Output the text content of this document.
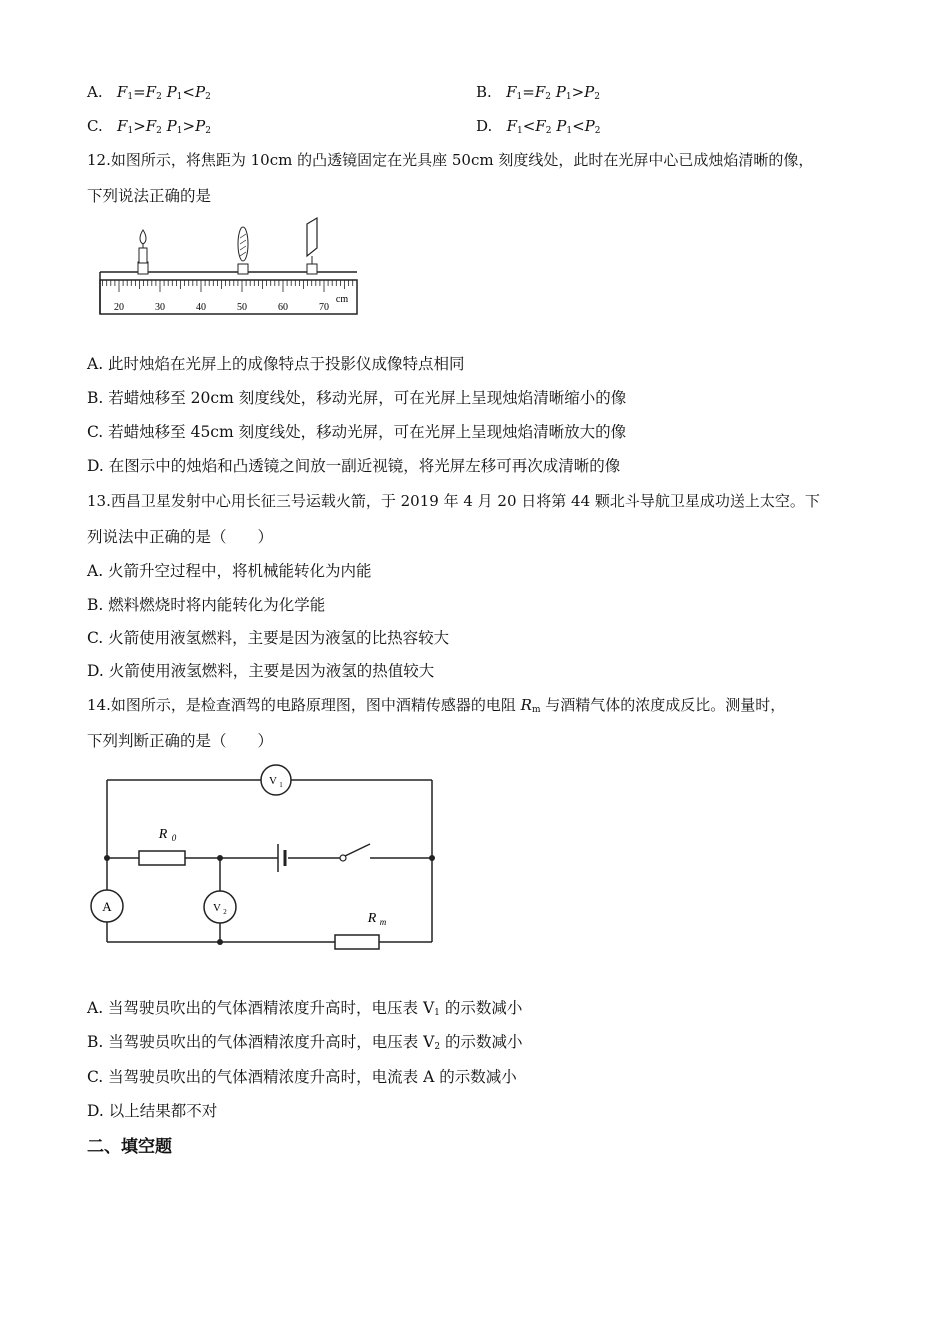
A. $F_1=F_2$ $P_1<P_2$	B. $F_1=F_2$ $P_1>P_2$
C. $F_1>F_2$ $P_1>P_2$	D. $F_1<F_2$ $P_1<P_2$
12.如图所示，将焦距为 10cm 的凸透镜固定在光具座 50cm 刻度线处，此时在光屏中心已成烛焰清晰的像，
下列说法正确的是
20	30	40	50	60	70
cm
A. 此时烛焰在光屏上的成像特点于投影仪成像特点相同
B. 若蜡烛移至 20cm 刻度线处，移动光屏，可在光屏上呈现烛焰清晰缩小的像
C. 若蜡烛移至 45cm 刻度线处，移动光屏，可在光屏上呈现烛焰清晰放大的像
D. 在图示中的烛焰和凸透镜之间放一副近视镜，将光屏左移可再次成清晰的像
13.西昌卫星发射中心用长征三号运载火箭，于 2019 年 4 月 20 日将第 44 颗北斗导航卫星成功送上太空。下
列说法中正确的是（　　）
A. 火箭升空过程中，将机械能转化为内能
B. 燃料燃烧时将内能转化为化学能
C. 火箭使用液氢燃料，主要是因为液氢的比热容较大
D. 火箭使用液氢燃料，主要是因为液氢的热值较大
14.如图所示，是检查酒驾的电路原理图，图中酒精传感器的电阻 $R_m$ 与酒精气体的浓度成反比。测量时，
下列判断正确的是（　　）
V 1
R 0
A	V 2	R m
A. 当驾驶员吹出的气体酒精浓度升高时，电压表 $V_1$ 的示数减小
B. 当驾驶员吹出的气体酒精浓度升高时，电压表 $V_2$ 的示数减小
C. 当驾驶员吹出的气体酒精浓度升高时，电流表 A 的示数减小
D. 以上结果都不对
二、填空题
